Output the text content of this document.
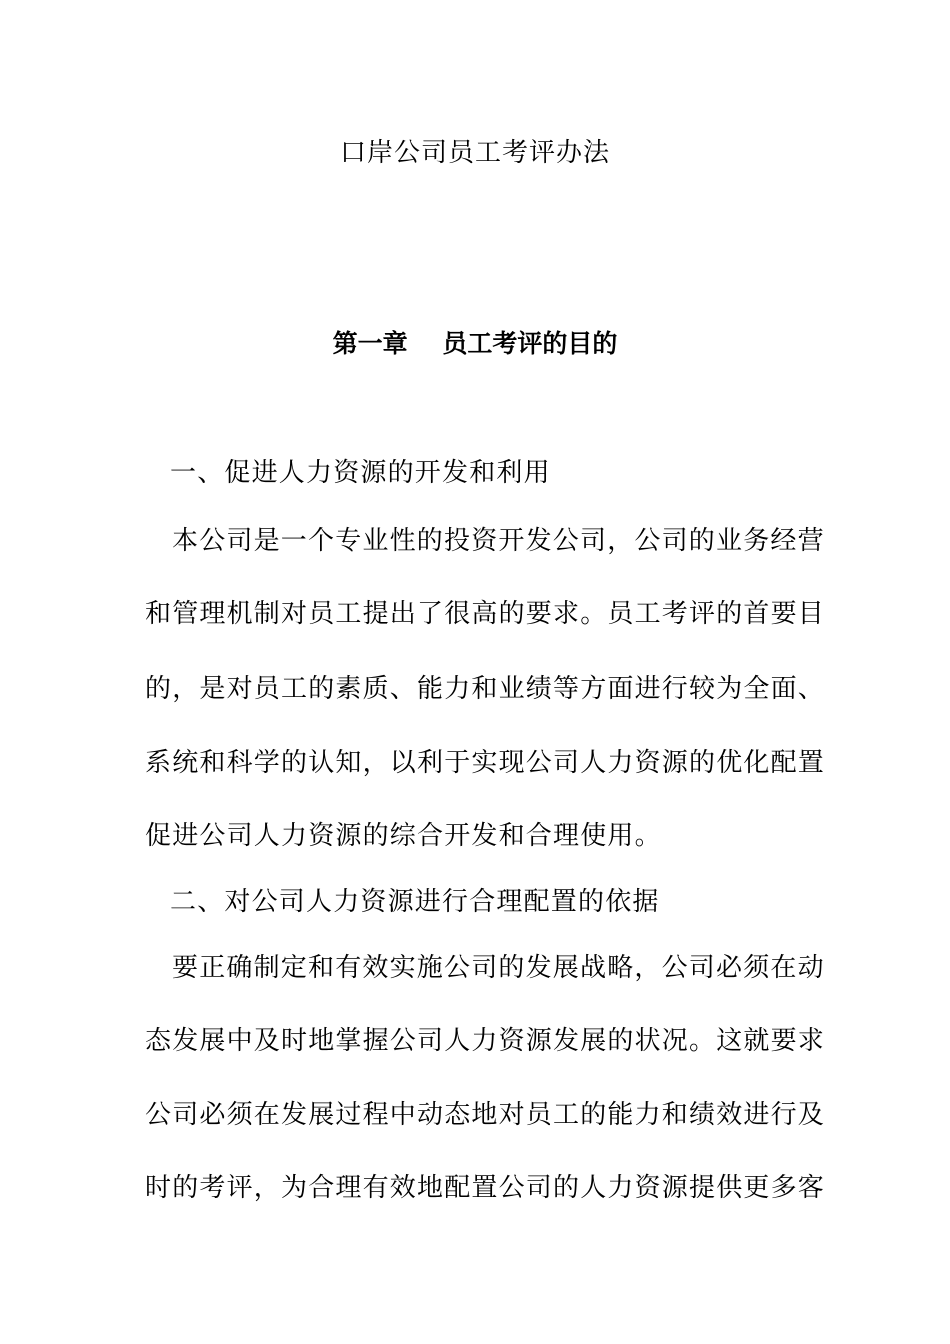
口岸公司员工考评办法
第一章    员工考评的目的
一、促进人力资源的开发和利用
本公司是一个专业性的投资开发公司，公司的业务经营
和管理机制对员工提出了很高的要求。员工考评的首要目
的，是对员工的素质、能力和业绩等方面进行较为全面、
系统和科学的认知，以利于实现公司人力资源的优化配置
促进公司人力资源的综合开发和合理使用。
二、对公司人力资源进行合理配置的依据
要正确制定和有效实施公司的发展战略，公司必须在动
态发展中及时地掌握公司人力资源发展的状况。这就要求
公司必须在发展过程中动态地对员工的能力和绩效进行及
时的考评，为合理有效地配置公司的人力资源提供更多客
